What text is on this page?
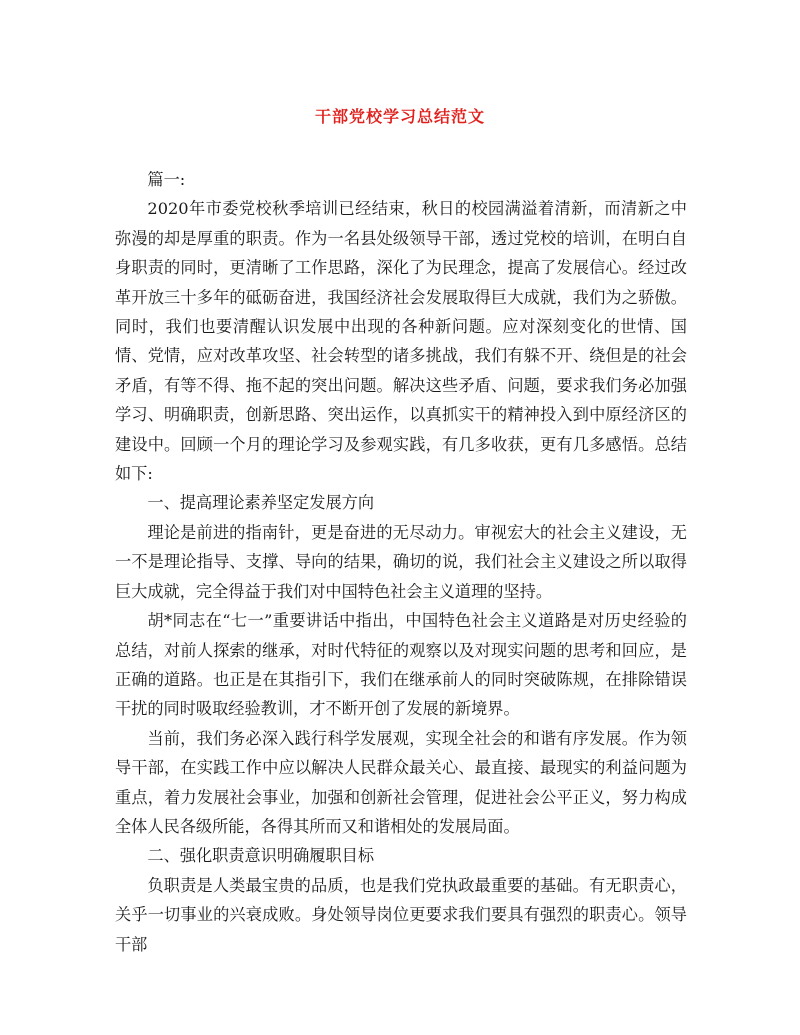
干部党校学习总结范文

篇一:

2020年市委党校秋季培训已经结束，秋日的校园满溢着清新，而清新之中弥漫的却是厚重的职责。作为一名县处级领导干部，透过党校的培训，在明白自身职责的同时，更清晰了工作思路，深化了为民理念，提高了发展信心。经过改革开放三十多年的砥砺奋进，我国经济社会发展取得巨大成就，我们为之骄傲。同时，我们也要清醒认识发展中出现的各种新问题。应对深刻变化的世情、国情、党情，应对改革攻坚、社会转型的诸多挑战，我们有躲不开、绕但是的社会矛盾，有等不得、拖不起的突出问题。解决这些矛盾、问题，要求我们务必加强学习、明确职责，创新思路、突出运作，以真抓实干的精神投入到中原经济区的建设中。回顾一个月的理论学习及参观实践，有几多收获，更有几多感悟。总结如下:

一、提高理论素养坚定发展方向

理论是前进的指南针，更是奋进的无尽动力。审视宏大的社会主义建设，无一不是理论指导、支撑、导向的结果，确切的说，我们社会主义建设之所以取得巨大成就，完全得益于我们对中国特色社会主义道理的坚持。

胡*同志在“七一”重要讲话中指出，中国特色社会主义道路是对历史经验的总结，对前人探索的继承，对时代特征的观察以及对现实问题的思考和回应，是正确的道路。也正是在其指引下，我们在继承前人的同时突破陈规，在排除错误干扰的同时吸取经验教训，才不断开创了发展的新境界。

当前，我们务必深入践行科学发展观，实现全社会的和谐有序发展。作为领导干部，在实践工作中应以解决人民群众最关心、最直接、最现实的利益问题为重点，着力发展社会事业，加强和创新社会管理，促进社会公平正义，努力构成全体人民各级所能，各得其所而又和谐相处的发展局面。

二、强化职责意识明确履职目标

负职责是人类最宝贵的品质，也是我们党执政最重要的基础。有无职责心，关乎一切事业的兴衰成败。身处领导岗位更要求我们要具有强烈的职责心。领导干部
